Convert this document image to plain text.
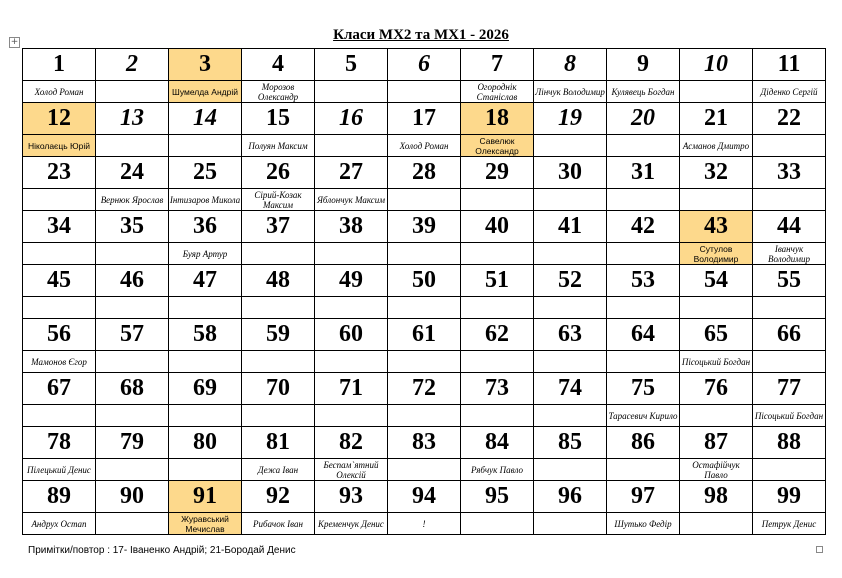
Класи МХ2 та МХ1 - 2026
+
1	2	3	4	5	6	7	8	9	10	11

Холод Роман		Шумелда Андрій	Морозов Олександр			Огороднік Станіслав	Лінчук Володимир	Кулявець Богдан		Діденко Сергій

12	13	14	15	16	17	18	19	20	21	22

Ніколаєць Юрій			Полуян Максим		Холод Роман	Савелюк Олександр			Асманов Дмитро	

23	24	25	26	27	28	29	30	31	32	33

	Вернюк Ярослав	Інтизаров Микола	Сірий-Козак Максим	Яблончук Максим						

34	35	36	37	38	39	40	41	42	43	44

		Буяр Артур							Сутулов Володимир	Іванчук Володимир

45	46	47	48	49	50	51	52	53	54	55

56	57	58	59	60	61	62	63	64	65	66

Мамонов Єгор									Пісоцький Богдан	

67	68	69	70	71	72	73	74	75	76	77

								Тарасевич Кирило		Пісоцький Богдан

78	79	80	81	82	83	84	85	86	87	88

Пілецький Денис			Дежа Іван	Беспам`ятний Олексій		Рябчук Павло			Остафійчук Павло	

89	90	91	92	93	94	95	96	97	98	99

Андрух Остап		Журавський Мечислав	Рибачок Іван	Кременчук Денис	!			Шутько Федір		Петрук Денис
Примітки/повтор : 17- Іваненко Андрій; 21-Бородай Денис
